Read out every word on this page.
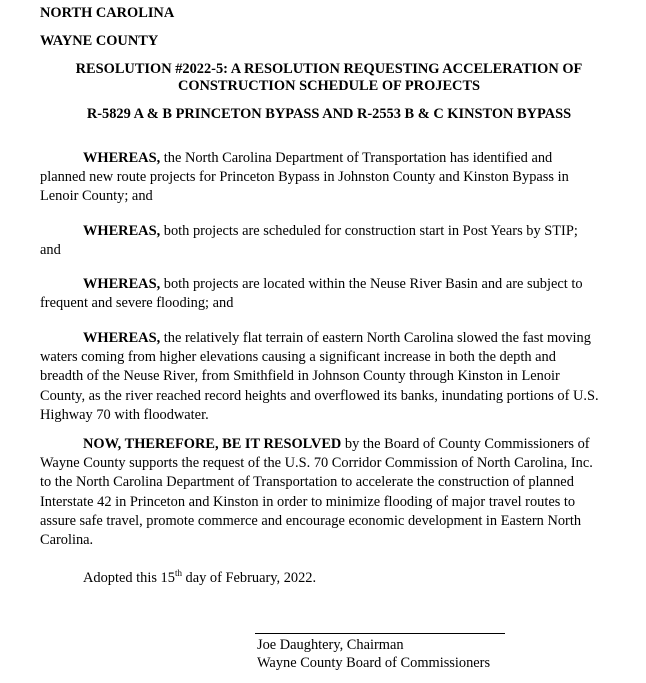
NORTH CAROLINA
WAYNE COUNTY
RESOLUTION #2022-5: A RESOLUTION REQUESTING ACCELERATION OF
CONSTRUCTION SCHEDULE OF PROJECTS
R-5829 A & B PRINCETON BYPASS AND R-2553 B & C KINSTON BYPASS
WHEREAS, the North Carolina Department of Transportation has identified and planned new route projects for Princeton Bypass in Johnston County and Kinston Bypass in Lenoir County; and
WHEREAS, both projects are scheduled for construction start in Post Years by STIP; and
WHEREAS, both projects are located within the Neuse River Basin and are subject to frequent and severe flooding; and
WHEREAS, the relatively flat terrain of eastern North Carolina slowed the fast moving waters coming from higher elevations causing a significant increase in both the depth and breadth of the Neuse River, from Smithfield in Johnson County through Kinston in Lenoir County, as the river reached record heights and overflowed its banks, inundating portions of U.S. Highway 70 with floodwater.
NOW, THEREFORE, BE IT RESOLVED by the Board of County Commissioners of Wayne County supports the request of the U.S. 70 Corridor Commission of North Carolina, Inc. to the North Carolina Department of Transportation to accelerate the construction of planned Interstate 42 in Princeton and Kinston in order to minimize flooding of major travel routes to assure safe travel, promote commerce and encourage economic development in Eastern North Carolina.
Adopted this 15th day of February, 2022.
Joe Daughtery, Chairman
Wayne County Board of Commissioners
